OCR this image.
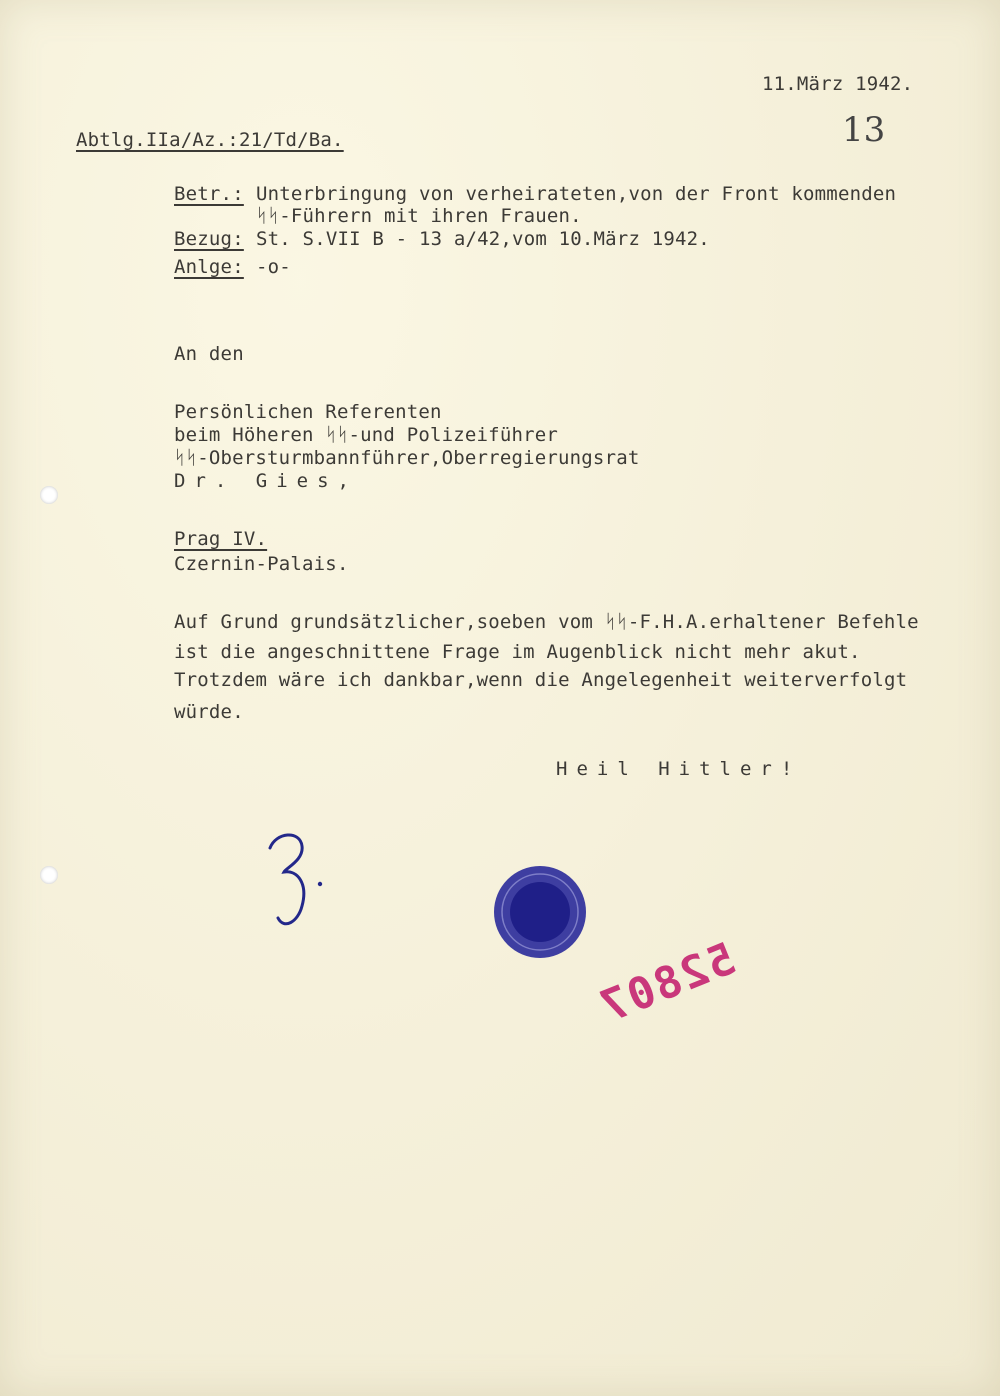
11.März 1942.
13
Abtlg.IIa/Az.:21/Td/Ba.
Betr.: Unterbringung von verheirateten,von der Front kommenden
ᛋᛋ-Führern mit ihren Frauen.
Bezug: St. S.VII B - 13 a/42,vom 10.März 1942.
Anlge: -o-
An den
Persönlichen Referenten
beim Höheren ᛋᛋ-und Polizeiführer
ᛋᛋ-Obersturmbannführer,Oberregierungsrat
Dr. Gies,
Prag IV.
Czernin-Palais.
Auf Grund grundsätzlicher,soeben vom ᛋᛋ-F.H.A.erhaltener Befehle
ist die angeschnittene Frage im Augenblick nicht mehr akut.
Trotzdem wäre ich dankbar,wenn die Angelegenheit weiterverfolgt
würde.
Heil Hitler!
52807
